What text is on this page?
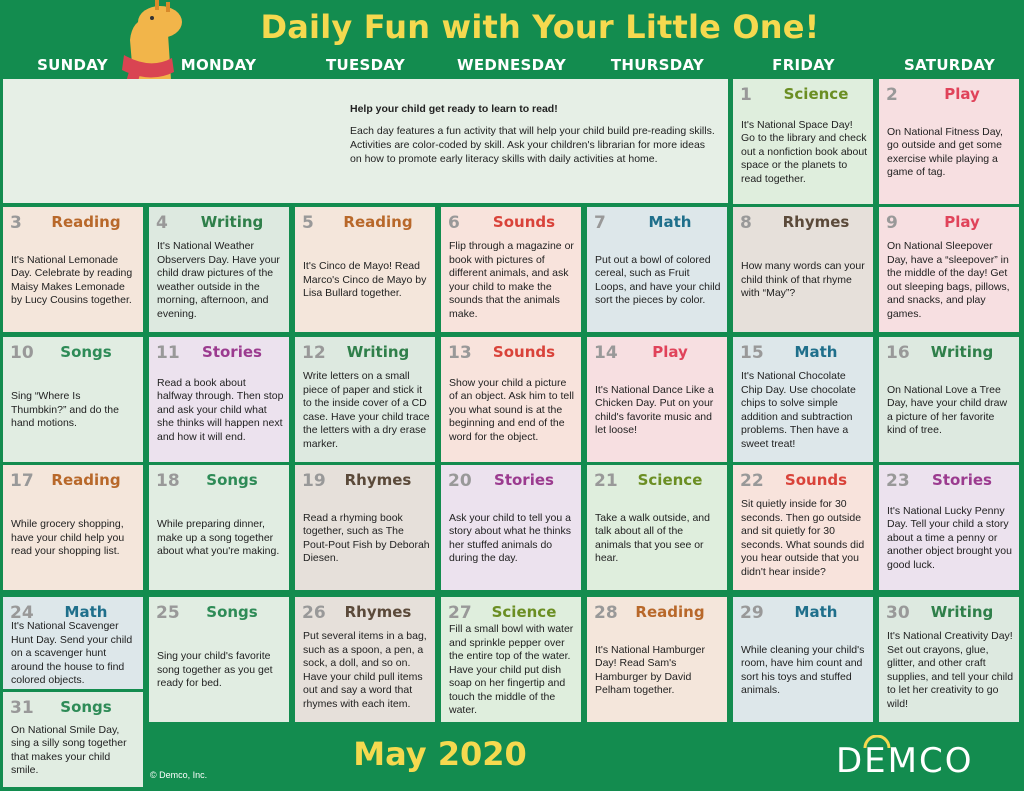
Daily Fun with Your Little One!
SUNDAY	MONDAY	TUESDAY	WEDNESDAY	THURSDAY	FRIDAY	SATURDAY
Help your child get ready to learn to read!
Each day features a fun activity that will help your child build pre-reading skills. Activities are color-coded by skill. Ask your children's librarian for more ideas on how to promote early literacy skills with daily activities at home.
1	Science
It's National Space Day! Go to the library and check out a nonfiction book about space or the planets to read together.
2	Play
On National Fitness Day, go outside and get some exercise while playing a game of tag.
3	Reading
It's National Lemonade Day. Celebrate by reading Maisy Makes Lemonade by Lucy Cousins together.
4	Writing
It's National Weather Observers Day. Have your child draw pictures of the weather outside in the morning, afternoon, and evening.
5	Reading
It's Cinco de Mayo! Read Marco's Cinco de Mayo by Lisa Bullard together.
6	Sounds
Flip through a magazine or book with pictures of different animals, and ask your child to make the sounds that the animals make.
7	Math
Put out a bowl of colored cereal, such as Fruit Loops, and have your child sort the pieces by color.
8	Rhymes
How many words can your child think of that rhyme with “May”?
9	Play
On National Sleepover Day, have a “sleepover” in the middle of the day! Get out sleeping bags, pillows, and snacks, and play games.
10	Songs
Sing “Where Is Thumbkin?” and do the hand motions.
11	Stories
Read a book about halfway through. Then stop and ask your child what she thinks will happen next and how it will end.
12	Writing
Write letters on a small piece of paper and stick it to the inside cover of a CD case. Have your child trace the letters with a dry erase marker.
13	Sounds
Show your child a picture of an object. Ask him to tell you what sound is at the beginning and end of the word for the object.
14	Play
It's National Dance Like a Chicken Day. Put on your child's favorite music and let loose!
15	Math
It's National Chocolate Chip Day. Use chocolate chips to solve simple addition and subtraction problems. Then have a sweet treat!
16	Writing
On National Love a Tree Day, have your child draw a picture of her favorite kind of tree.
17	Reading
While grocery shopping, have your child help you read your shopping list.
18	Songs
While preparing dinner, make up a song together about what you're making.
19	Rhymes
Read a rhyming book together, such as The Pout-Pout Fish by Deborah Diesen.
20	Stories
Ask your child to tell you a story about what he thinks her stuffed animals do during the day.
21	Science
Take a walk outside, and talk about all of the animals that you see or hear.
22	Sounds
Sit quietly inside for 30 seconds. Then go outside and sit quietly for 30 seconds. What sounds did you hear outside that you didn't hear inside?
23	Stories
It's National Lucky Penny Day. Tell your child a story about a time a penny or another object brought you good luck.
24	Math
It's National Scavenger Hunt Day. Send your child on a scavenger hunt around the house to find colored objects.
25	Songs
Sing your child's favorite song together as you get ready for bed.
26	Rhymes
Put several items in a bag, such as a spoon, a pen, a sock, a doll, and so on. Have your child pull items out and say a word that rhymes with each item.
27	Science
Fill a small bowl with water and sprinkle pepper over the entire top of the water. Have your child put dish soap on her fingertip and touch the middle of the water.
28	Reading
It's National Hamburger Day! Read Sam's Hamburger by David Pelham together.
29	Math
While cleaning your child's room, have him count and sort his toys and stuffed animals.
30	Writing
It's National Creativity Day! Set out crayons, glue, glitter, and other craft supplies, and tell your child to let her creativity to go wild!
31	Songs
On National Smile Day, sing a silly song together that makes your child smile.	May 2020
© Demco, Inc.	DEMCO
